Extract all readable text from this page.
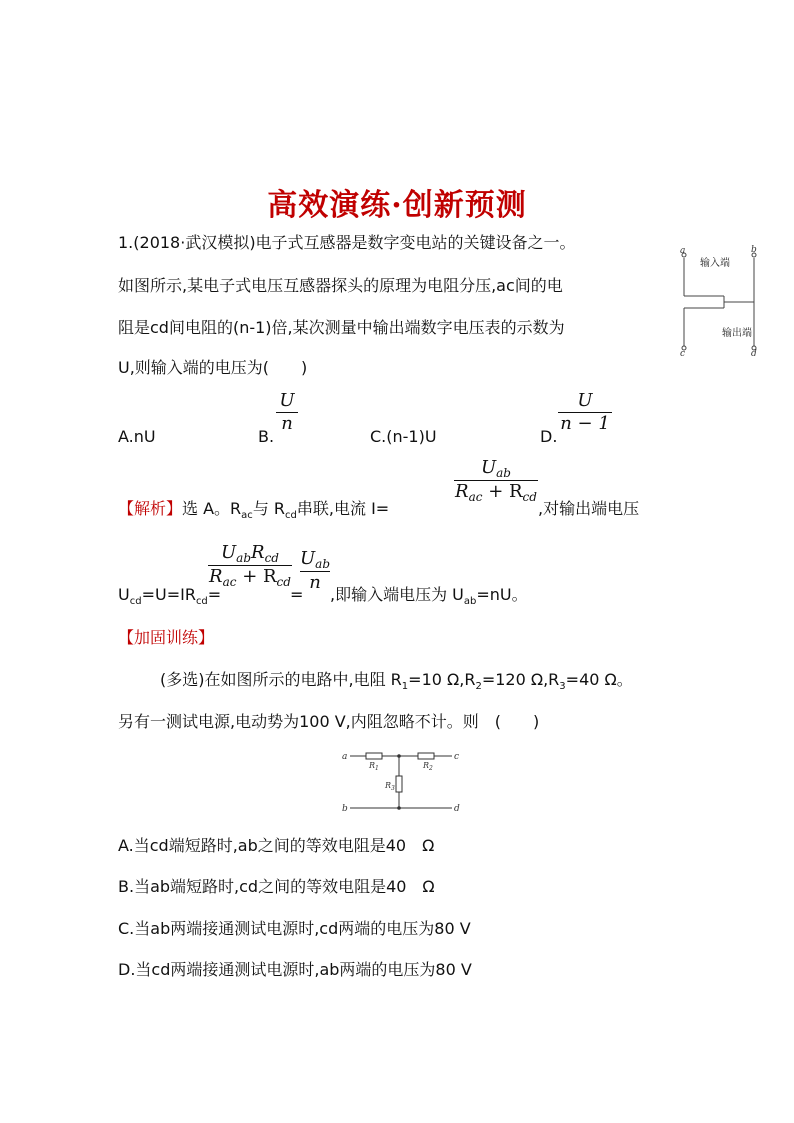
高效演练·创新预测
1.(2018·武汉模拟)电子式互感器是数字变电站的关键设备之一。
如图所示,某电子式电压互感器探头的原理为电阻分压,ac间的电
阻是cd间电阻的(n-1)倍,某次测量中输出端数字电压表的示数为
U,则输入端的电压为(　　)
a	b
c	d
输入端
输出端
A.nU	B.
$\frac{U}{n}$
C.(n-1)U	D.
$\frac{U}{n - 1}$
【解析】选 A。$R_{ac}$与 $R_{cd}$串联,电流 I=
$U_{ab}$
$R_{ac} + R_{cd}$
,对输出端电压
$U_{cd}=U=IR_{cd}=$
$U_{ab}R_{cd}$
$R_{ac} + R_{cd}$
=
$U_{ab}$
n
,即输入端电压为 $U_{ab}=nU$。
【加固训练】
(多选)在如图所示的电路中,电阻 $R_1=10$ $\Omega,R_2=120$ $\Omega,R_3=40$ Ω。
另有一测试电源,电动势为100 V,内阻忽略不计。则　(　　)
a
b
c
d
$R_1$	$R_2$
$R_3$
A.当cd端短路时,ab之间的等效电阻是40　Ω
B.当ab端短路时,cd之间的等效电阻是40　Ω
C.当ab两端接通测试电源时,cd两端的电压为80 V
D.当cd两端接通测试电源时,ab两端的电压为80 V
